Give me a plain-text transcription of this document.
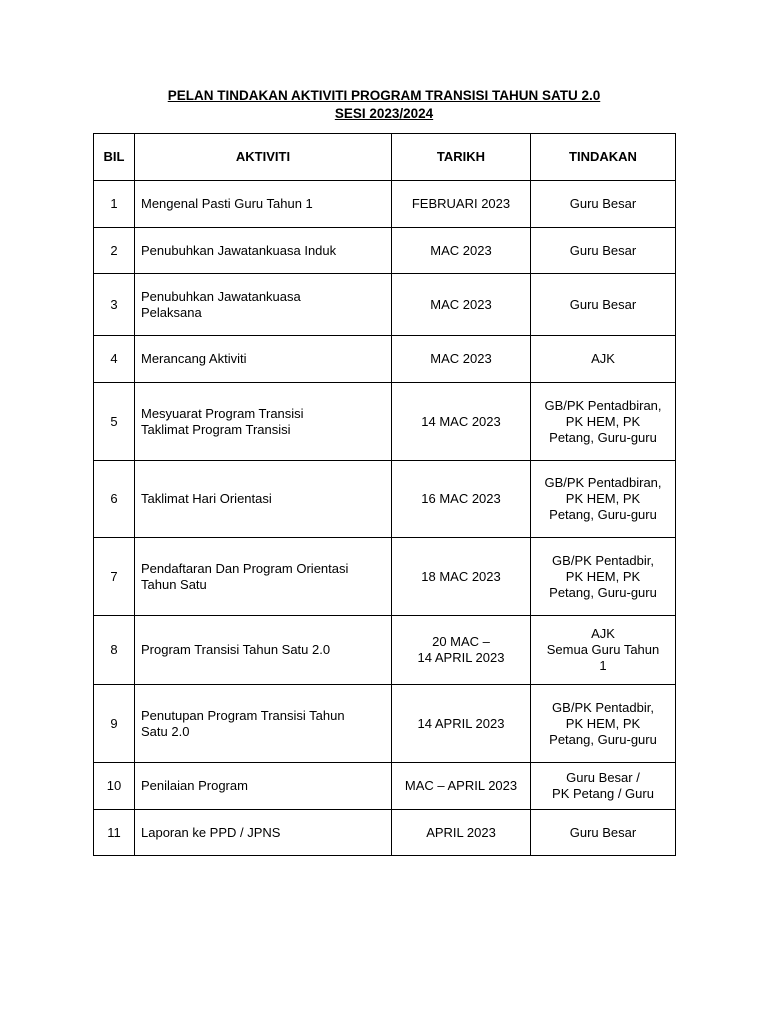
PELAN TINDAKAN AKTIVITI PROGRAM TRANSISI TAHUN SATU 2.0
SESI 2023/2024
BIL	AKTIVITI	TARIKH	TINDAKAN
1	Mengenal Pasti Guru Tahun 1	FEBRUARI 2023	Guru Besar

2	Penubuhkan Jawatankuasa Induk	MAC 2023	Guru Besar

3	Penubuhkan Jawatankuasa
Pelaksana	MAC 2023	Guru Besar

4	Merancang Aktiviti	MAC 2023	AJK

5	Mesyuarat Program Transisi
Taklimat Program Transisi	14 MAC 2023	GB/PK Pentadbiran,
PK HEM, PK
Petang, Guru-guru

6	Taklimat Hari Orientasi	16 MAC 2023	GB/PK Pentadbiran,
PK HEM, PK
Petang, Guru-guru

7	Pendaftaran Dan Program Orientasi
Tahun Satu	18 MAC 2023	GB/PK Pentadbir,
PK HEM, PK
Petang, Guru-guru

8	Program Transisi Tahun Satu 2.0	20 MAC –
14 APRIL 2023	AJK
Semua Guru Tahun
1

9	Penutupan Program Transisi Tahun
Satu 2.0	14 APRIL 2023	GB/PK Pentadbir,
PK HEM, PK
Petang, Guru-guru

10	Penilaian Program	MAC – APRIL 2023	Guru Besar /
PK Petang / Guru

11	Laporan ke PPD / JPNS	APRIL 2023	Guru Besar
